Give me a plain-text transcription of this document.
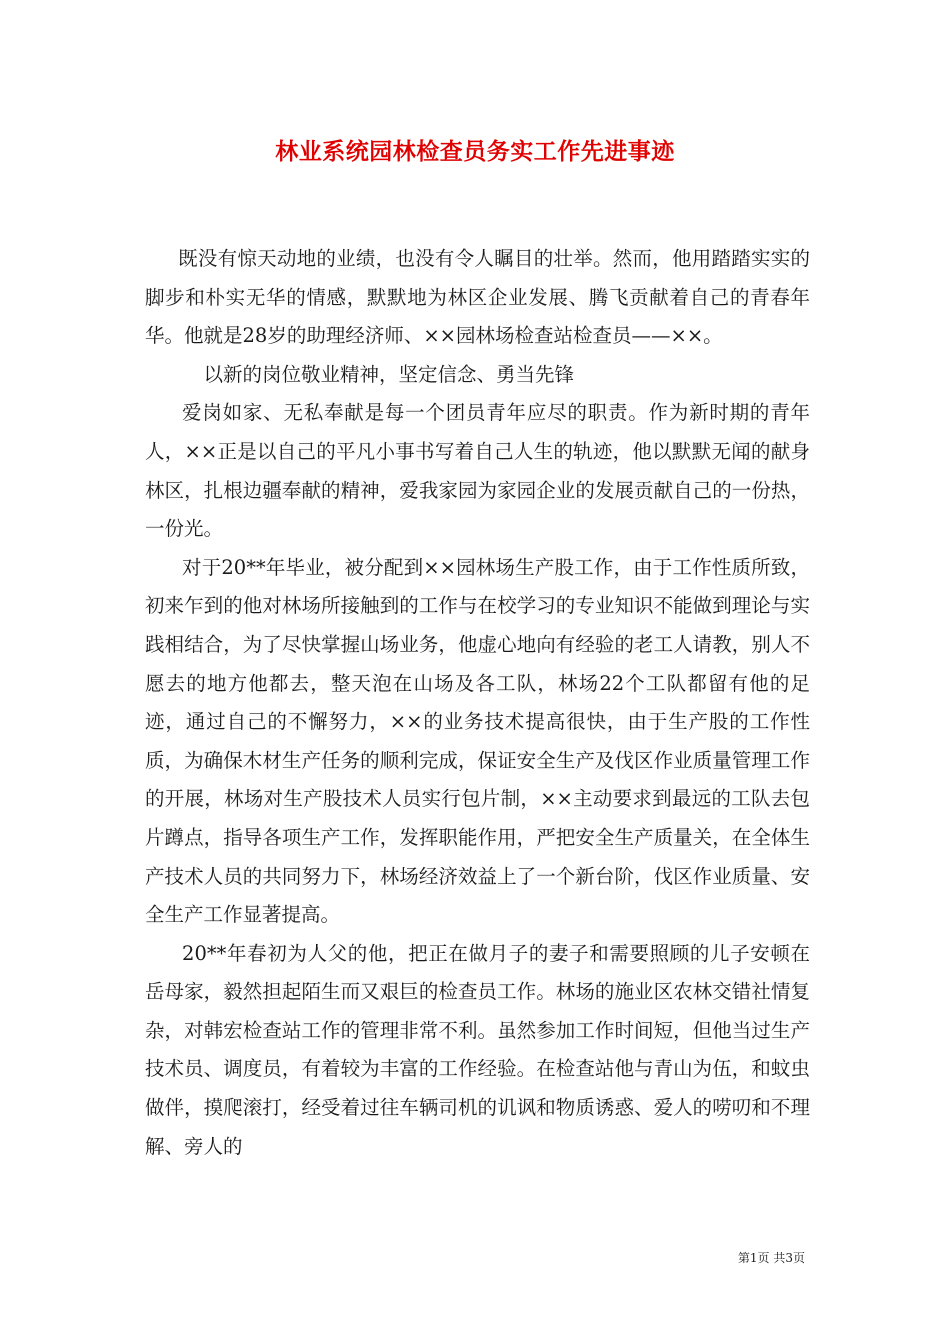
林业系统园林检查员务实工作先进事迹

既没有惊天动地的业绩，也没有令人瞩目的壮举。然而，他用踏踏实实的脚步和朴实无华的情感，默默地为林区企业发展、腾飞贡献着自己的青春年华。他就是28岁的助理经济师、××园林场检查站检查员——××。

以新的岗位敬业精神，坚定信念、勇当先锋

爱岗如家、无私奉献是每一个团员青年应尽的职责。作为新时期的青年人，××正是以自己的平凡小事书写着自己人生的轨迹，他以默默无闻的献身林区，扎根边疆奉献的精神，爱我家园为家园企业的发展贡献自己的一份热，一份光。

对于20**年毕业，被分配到××园林场生产股工作，由于工作性质所致，初来乍到的他对林场所接触到的工作与在校学习的专业知识不能做到理论与实践相结合，为了尽快掌握山场业务，他虚心地向有经验的老工人请教，别人不愿去的地方他都去，整天泡在山场及各工队，林场22个工队都留有他的足迹，通过自己的不懈努力，××的业务技术提高很快，由于生产股的工作性质，为确保木材生产任务的顺利完成，保证安全生产及伐区作业质量管理工作的开展，林场对生产股技术人员实行包片制，××主动要求到最远的工队去包片蹲点，指导各项生产工作，发挥职能作用，严把安全生产质量关，在全体生产技术人员的共同努力下，林场经济效益上了一个新台阶，伐区作业质量、安全生产工作显著提高。

20**年春初为人父的他，把正在做月子的妻子和需要照顾的儿子安顿在岳母家，毅然担起陌生而又艰巨的检查员工作。林场的施业区农林交错社情复杂，对韩宏检查站工作的管理非常不利。虽然参加工作时间短，但他当过生产技术员、调度员，有着较为丰富的工作经验。在检查站他与青山为伍，和蚊虫做伴，摸爬滚打，经受着过往车辆司机的讥讽和物质诱惑、爱人的唠叨和不理解、旁人的

第1页 共3页
